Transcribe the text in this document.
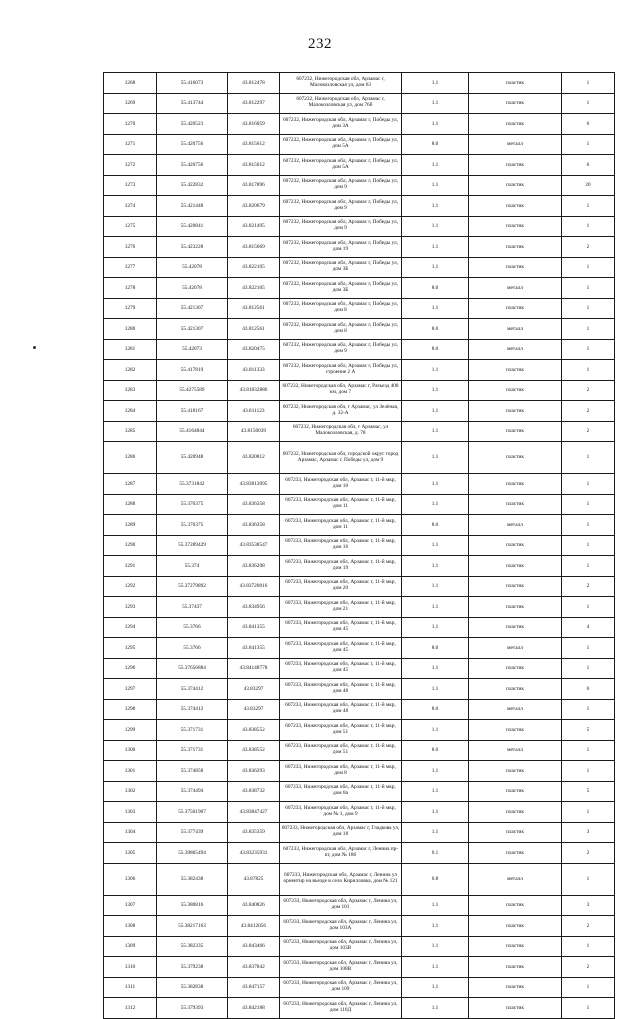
232
1268	55.416073	43.812478	607232, Нижегородская обл, Арзамас г, Малокозловская ул, дом 63	1.1	пластик	1
1269	55.413744	43.812297	607232, Нижегородская обл, Арзамас г, Малокозловская ул, дом 76б	1.1	пластик	1
1270	55.420523	43.816059	607232, Нижегородская обл, Арзамас г, Победы ул, дом 3А	1.1	пластик	6
1271	55.420756	43.815612	607232, Нижегородская обл, Арзамас г, Победы ул, дом 5А	8.0	металл	1
1272	55.420756	43.815612	607232, Нижегородская обл, Арзамас г, Победы ул, дом 5А	1.1	пластик	6
1273	55.422832	43.817896	607232, Нижегородская обл, Арзамас г, Победы ул, дом 9	1.1	пластик	20
1274	55.421448	43.820679	607232, Нижегородская обл, Арзамас г, Победы ул, дом 9	1.1	пластик	1
1275	55.420841	43.821495	607232, Нижегородская обл, Арзамас г, Победы ул, дом 9	1.1	пластик	1
1276	55.423228	43.815669	607232, Нижегородская обл, Арзамас г, Победы ул, дом 19	1.1	пластик	2
1277	55.42078	43.822105	607232, Нижегородская обл, Арзамас г, Победы ул, дом 3Б	1.1	пластик	1
1278	55.42078	43.822105	607232, Нижегородская обл, Арзамас г, Победы ул, дом 3Б	8.0	металл	1
1279	55.421307	43.812561	607232, Нижегородская обл, Арзамас г, Победы ул, дом 8	1.1	пластик	1
1280	55.421307	43.812561	607232, Нижегородская обл, Арзамас г, Победы ул, дом 8	8.0	металл	1
1281	55.42073	43.820475	607232, Нижегородская обл, Арзамас г, Победы ул, дом 9	8.0	металл	1
1282	55.417819	43.811333	607232, Нижегородская обл, Арзамас г, Победы ул, строение 2 А	1.1	пластик	1
1283	55.4275589	43.81832886	607232, Нижегородская обл, Арзамас г, Разъезд 408 км, дом 7	1.1	пластик	2
1284	55.418167	43.811123	607232, Нижегородская обл, г Арзамас, ул Зелёная, д. 32-А	1.1	пластик	2
1285	55.4164844	43.8150039	607232, Нижегородская обл, г Арзамас, ул Малокозловская, д. 78	1.1	пластик	2
1286	55.420948	43.820812	607232, Нижегородская обл, городской округ город Арзамас, Арзамас г, Победы ул, дом 9	1.1	пластик	1
1287	55.3731842	43.83813095	607233, Нижегородская обл, Арзамас г, 11-й мкр, дом 10	1.1	пластик	1
1288	55.376375	43.836358	607233, Нижегородская обл, Арзамас г, 11-й мкр, дом 11	1.1	пластик	1
1289	55.376375	43.836358	607233, Нижегородская обл, Арзамас г, 11-й мкр, дом 11	8.0	металл	1
1290	55.37289429	43.83538547	607233, Нижегородская обл, Арзамас г, 11-й мкр, дом 16	1.1	пластик	1
1291	55.374	43.836208	607233, Нижегородская обл, Арзамас г, 11-й мкр, дом 19	1.1	пластик	1
1292	55.37279892	43.83720016	607233, Нижегородская обл, Арзамас г, 11-й мкр, дом 20	1.1	пластик	2
1293	55.37437	43.834956	607233, Нижегородская обл, Арзамас г, 11-й мкр, дом 21	1.1	пластик	1
1294	55.3766	43.841355	607233, Нижегородская обл, Арзамас г, 11-й мкр, дом 45	1.1	пластик	4
1295	55.3766	43.841355	607233, Нижегородская обл, Арзамас г, 11-й мкр, дом 45	8.0	металл	1
1296	55.37656884	43.84148778	607233, Нижегородская обл, Арзамас г, 11-й мкр, дом 45	1.1	пластик	1
1297	55.374412	43.83297	607233, Нижегородская обл, Арзамас г, 11-й мкр, дом 48	1.1	пластик	6
1298	55.374412	43.83297	607233, Нижегородская обл, Арзамас г, 11-й мкр, дом 48	8.0	металл	1
1299	55.371731	43.838552	607233, Нижегородская обл, Арзамас г, 11-й мкр, дом 51	1.1	пластик	5
1300	55.371731	43.838552	607233, Нижегородская обл, Арзамас г, 11-й мкр, дом 51	8.0	металл	1
1301	55.374858	43.836293	607233, Нижегородская обл, Арзамас г, 11-й мкр, дом 8	1.1	пластик	1
1302	55.374494	43.838732	607233, Нижегородская обл, Арзамас г, 11-й мкр, дом 8а	1.1	пластик	5
1303	55.37501907	43.83847427	607233, Нижегородская обл, Арзамас г, 11-й мкр, дом № 1, дом 9	1.1	пластик	1
1304	55.377439	43.835359	607233, Нижегородская обл, Арзамас г, Гладкова ул, дом 18	1.1	пластик	3
1305	55.39865494	43.83235931	607233, Нижегородская обл, Арзамас г, Ленина пр-кт, дом № 186	0.1	пластик	2
1306	55.382438	43.87825	607233, Нижегородская обл, Арзамас г, Ленина ул ориентир на въезде в село Кирилловка, дом № 121	0.8	металл	1
1307	55.380816	43.840826	607233, Нижегородская обл, Арзамас г, Ленина ул, дом 101	1.1	пластик	3
1308	55.38217163	43.8412056	607233, Нижегородская обл, Арзамас г, Ленина ул, дом 103А	1.1	пластик	2
1309	55.382335	43.843466	607233, Нижегородская обл, Арзамас г, Ленина ул, дом 103В	1.1	пластик	1
1310	55.379238	43.837842	607233, Нижегородская обл, Арзамас г, Ленина ул, дом 108В	1.1	пластик	2
1311	55.382838	43.847157	607233, Нижегородская обл, Арзамас г, Ленина ул, дом 109	1.1	пластик	1
1312	55.379393	43.842188	607233, Нижегородская обл, Арзамас г, Ленина ул, дом 110Д	1.1	пластик	1
